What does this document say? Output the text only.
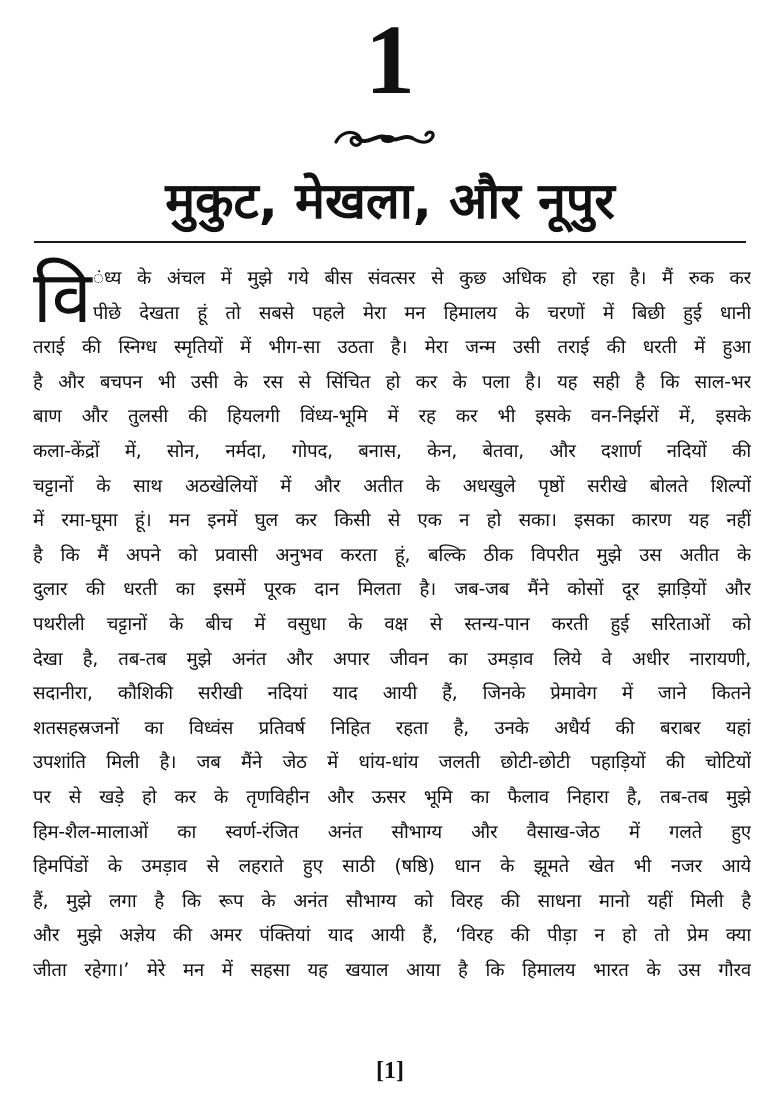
1
मुकुट, मेखला, और नूपुर
वि ंध्य के अंचल में मुझे गये बीस संवत्सर से कुछ अधिक हो रहा है। मैं रुक कर
पीछे देखता हूं तो सबसे पहले मेरा मन हिमालय के चरणों में बिछी हुई धानी
तराई की स्निग्ध स्मृतियों में भीग-सा उठता है। मेरा जन्म उसी तराई की धरती में हुआ
है और बचपन भी उसी के रस से सिंचित हो कर के पला है। यह सही है कि साल-भर
बाण और तुलसी की हियलगी विंध्य-भूमि में रह कर भी इसके वन-निर्झरों में, इसके
कला-केंद्रों में, सोन, नर्मदा, गोपद, बनास, केन, बेतवा, और दशार्ण नदियों की
चट्टानों के साथ अठखेलियों में और अतीत के अधखुले पृष्ठों सरीखे बोलते शिल्पों
में रमा-घूमा हूं। मन इनमें घुल कर किसी से एक न हो सका। इसका कारण यह नहीं
है कि मैं अपने को प्रवासी अनुभव करता हूं, बल्कि ठीक विपरीत मुझे उस अतीत के
दुलार की धरती का इसमें पूरक दान मिलता है। जब-जब मैंने कोसों दूर झाड़ियों और
पथरीली चट्टानों के बीच में वसुधा के वक्ष से स्तन्य-पान करती हुई सरिताओं को
देखा है, तब-तब मुझे अनंत और अपार जीवन का उमड़ाव लिये वे अधीर नारायणी,
सदानीरा, कौशिकी सरीखी नदियां याद आयी हैं, जिनके प्रेमावेग में जाने कितने
शतसहस्रजनों का विध्वंस प्रतिवर्ष निहित रहता है, उनके अधैर्य की बराबर यहां
उपशांति मिली है। जब मैंने जेठ में धांय-धांय जलती छोटी-छोटी पहाड़ियों की चोटियों
पर से खड़े हो कर के तृणविहीन और ऊसर भूमि का फैलाव निहारा है, तब-तब मुझे
हिम-शैल-मालाओं का स्वर्ण-रंजित अनंत सौभाग्य और वैसाख-जेठ में गलते हुए
हिमपिंडों के उमड़ाव से लहराते हुए साठी (षष्ठि) धान के झूमते खेत भी नजर आये
हैं, मुझे लगा है कि रूप के अनंत सौभाग्य को विरह की साधना मानो यहीं मिली है
और मुझे अज्ञेय की अमर पंक्तियां याद आयी हैं, ‘विरह की पीड़ा न हो तो प्रेम क्या
जीता रहेगा।’ मेरे मन में सहसा यह खयाल आया है कि हिमालय भारत के उस गौरव
[1]
